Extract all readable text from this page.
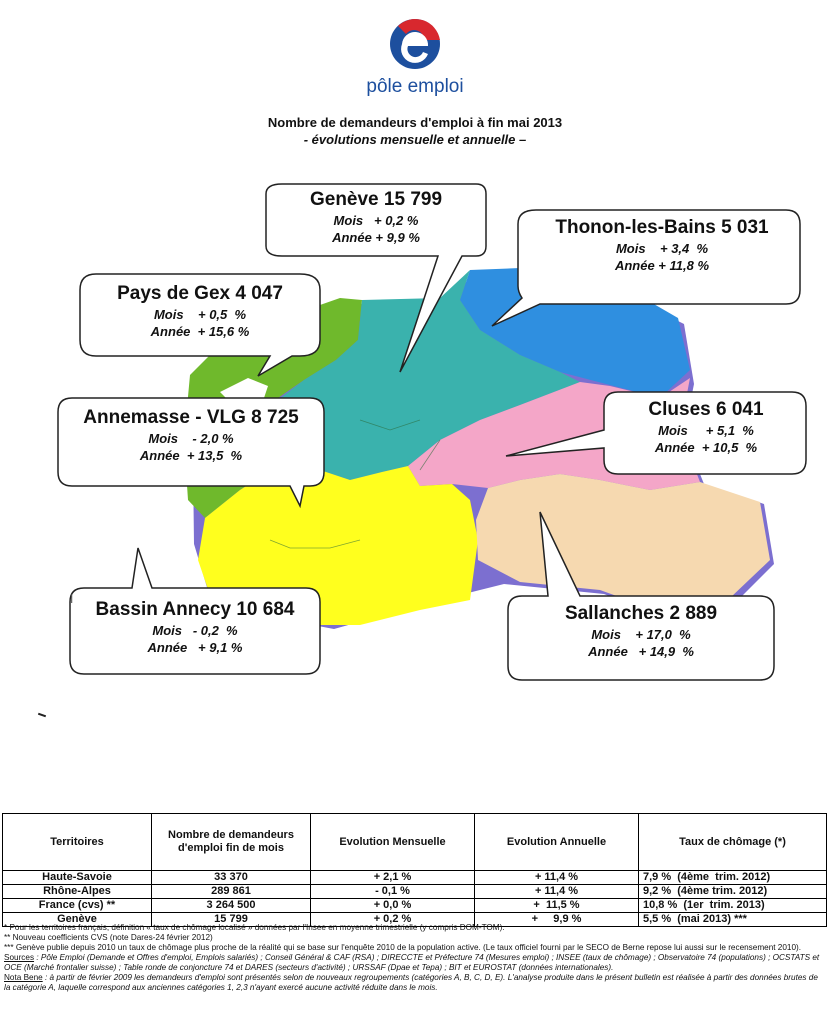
pôle emploi
Nombre de demandeurs d'emploi à fin mai 2013
- évolutions mensuelle et annuelle –
I
Genève 15 799
Mois   + 0,2 %
Année + 9,9 %	Thonon-les-Bains 5 031
Mois    + 3,4  %
Année + 11,8 %
Pays de Gex 4 047
Mois    + 0,5  %
Année  + 15,6 %
Annemasse - VLG 8 725
Mois    - 2,0 %
Année  + 13,5  %
Cluses 6 041
Mois     + 5,1  %
Année  + 10,5  %
Bassin Annecy 10 684
Mois   - 0,2  %
Année   + 9,1 %
Sallanches 2 889
Mois    + 17,0  %
Année   + 14,9  %
Territoires	Nombre de demandeurs d'emploi fin de mois	Evolution Mensuelle	Evolution Annuelle	Taux de chômage (*)
Haute-Savoie	33 370	+ 2,1 %	+ 11,4 %	7,9 %  (4ème  trim. 2012)
Rhône-Alpes	289 861	- 0,1 %	+ 11,4 %	9,2 %  (4ème trim. 2012)
France (cvs) **	3 264 500	+ 0,0 %	+  11,5 %	10,8 %  (1er  trim. 2013)
Genève	15 799	+ 0,2 %	+     9,9 %	5,5 %  (mai 2013) ***

* Pour les territoires français, définition « taux de chômage localisé » données par l'Insee en moyenne trimestrielle (y compris DOM-TOM).

** Nouveau coefficients CVS (note Dares-24 février 2012)

*** Genève publie depuis 2010 un taux de chômage plus proche de la réalité qui se base sur l'enquête 2010 de la population active. (Le taux officiel fourni par le SECO de Berne repose lui aussi sur le recensement 2010).

Sources : Pôle Emploi (Demande et Offres d'emploi, Emplois salariés) ; Conseil Général & CAF (RSA) ; DIRECCTE et Préfecture 74 (Mesures emploi) ; INSEE (taux de chômage) ; Observatoire 74 (populations) ; OCSTATS et OCE (Marché frontalier suisse) ; Table ronde de conjoncture 74 et DARES (secteurs d'activité) ; URSSAF (Dpae et Tepa) ; BIT et EUROSTAT (données internationales).

Nota Bene : à partir de février 2009 les demandeurs d'emploi sont présentés selon de nouveaux regroupements (catégories A, B, C, D, E). L'analyse produite dans le présent bulletin est réalisée à partir des données brutes de la catégorie A, laquelle correspond aux anciennes catégories 1, 2,3 n'ayant exercé aucune activité réduite dans le mois.
